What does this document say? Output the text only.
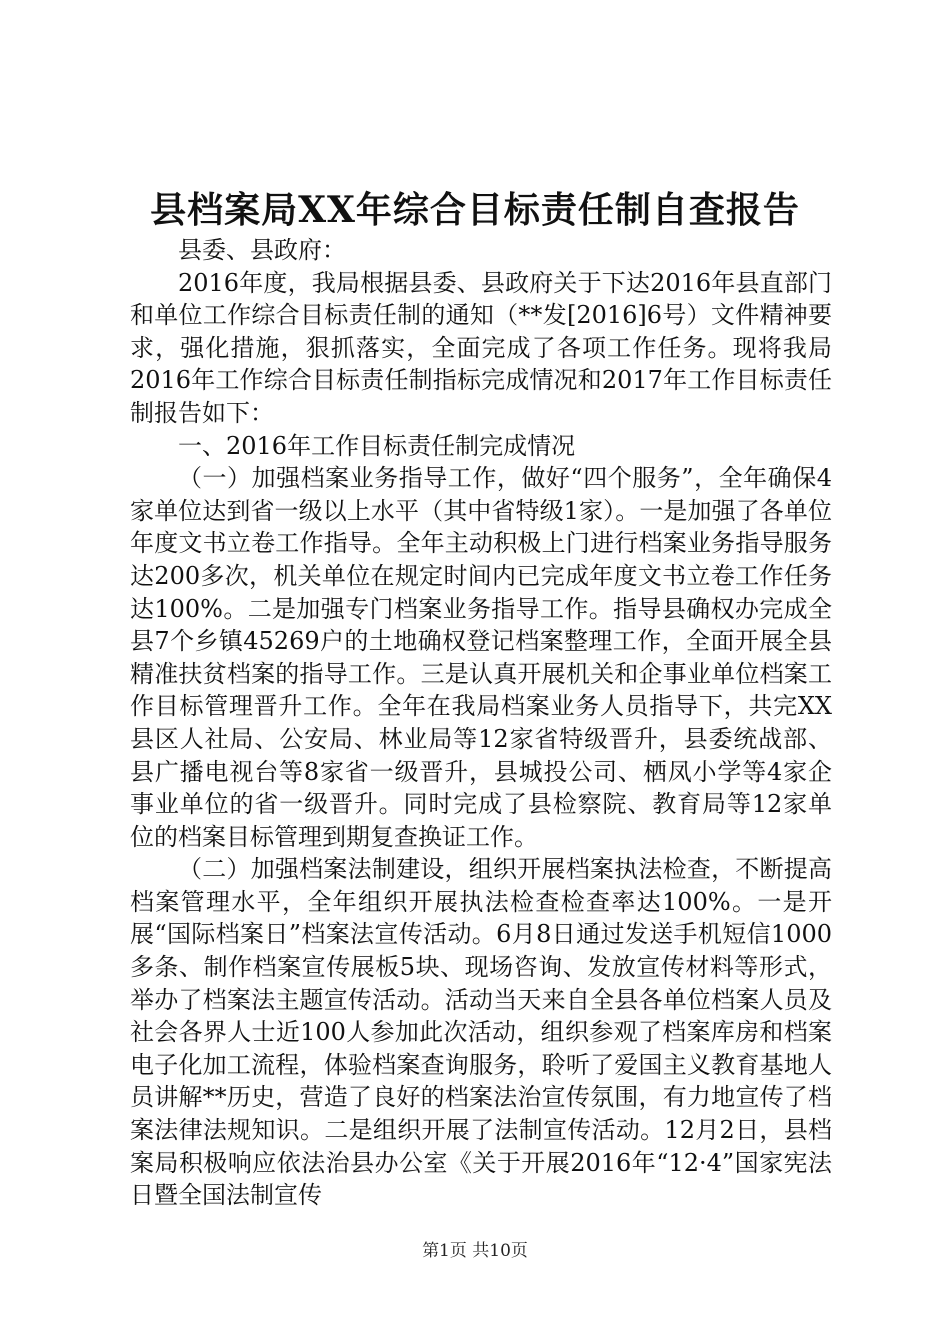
县档案局XX年综合目标责任制自查报告

县委、县政府：

2016年度，我局根据县委、县政府关于下达2016年县直部门和单位工作综合目标责任制的通知（**发[2016]6号）文件精神要求，强化措施，狠抓落实，全面完成了各项工作任务。现将我局2016年工作综合目标责任制指标完成情况和2017年工作目标责任制报告如下：

一、2016年工作目标责任制完成情况

（一）加强档案业务指导工作，做好“四个服务”，全年确保4家单位达到省一级以上水平（其中省特级1家）。一是加强了各单位年度文书立卷工作指导。全年主动积极上门进行档案业务指导服务达200多次，机关单位在规定时间内已完成年度文书立卷工作任务达100%。二是加强专门档案业务指导工作。指导县确权办完成全县7个乡镇45269户的土地确权登记档案整理工作，全面开展全县精准扶贫档案的指导工作。三是认真开展机关和企事业单位档案工作目标管理晋升工作。全年在我局档案业务人员指导下，共完XX县区人社局、公安局、林业局等12家省特级晋升，县委统战部、县广播电视台等8家省一级晋升，县城投公司、栖凤小学等4家企事业单位的省一级晋升。同时完成了县检察院、教育局等12家单位的档案目标管理到期复查换证工作。

（二）加强档案法制建设，组织开展档案执法检查，不断提高档案管理水平，全年组织开展执法检查检查率达100%。一是开展“国际档案日”档案法宣传活动。6月8日通过发送手机短信1000多条、制作档案宣传展板5块、现场咨询、发放宣传材料等形式，举办了档案法主题宣传活动。活动当天来自全县各单位档案人员及社会各界人士近100人参加此次活动，组织参观了档案库房和档案电子化加工流程，体验档案查询服务，聆听了爱国主义教育基地人员讲解**历史，营造了良好的档案法治宣传氛围，有力地宣传了档案法律法规知识。二是组织开展了法制宣传活动。12月2日，县档案局积极响应依法治县办公室《关于开展2016年“12·4”国家宪法日暨全国法制宣传

第1页 共10页
